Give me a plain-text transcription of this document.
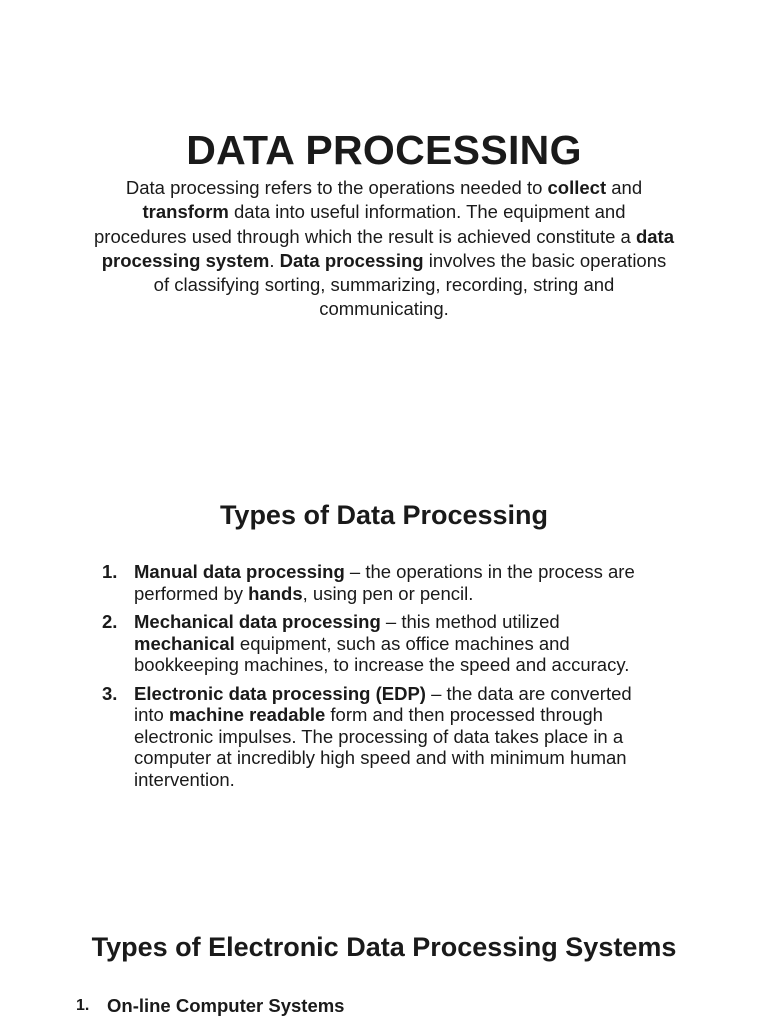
DATA PROCESSING

Data processing refers to the operations needed to collect and transform data into useful information. The equipment and procedures used through which the result is achieved constitute a data processing system. Data processing involves the basic operations of classifying sorting, summarizing, recording, string and communicating.

Types of Data Processing
1. Manual data processing – the operations in the process are performed by hands, using pen or pencil.
2. Mechanical data processing – this method utilized mechanical equipment, such as office machines and bookkeeping machines, to increase the speed and accuracy.
3. Electronic data processing (EDP) – the data are converted into machine readable form and then processed through electronic impulses. The processing of data takes place in a computer at incredibly high speed and with minimum human intervention.
Types of Electronic Data Processing Systems
1. On-line Computer Systems
